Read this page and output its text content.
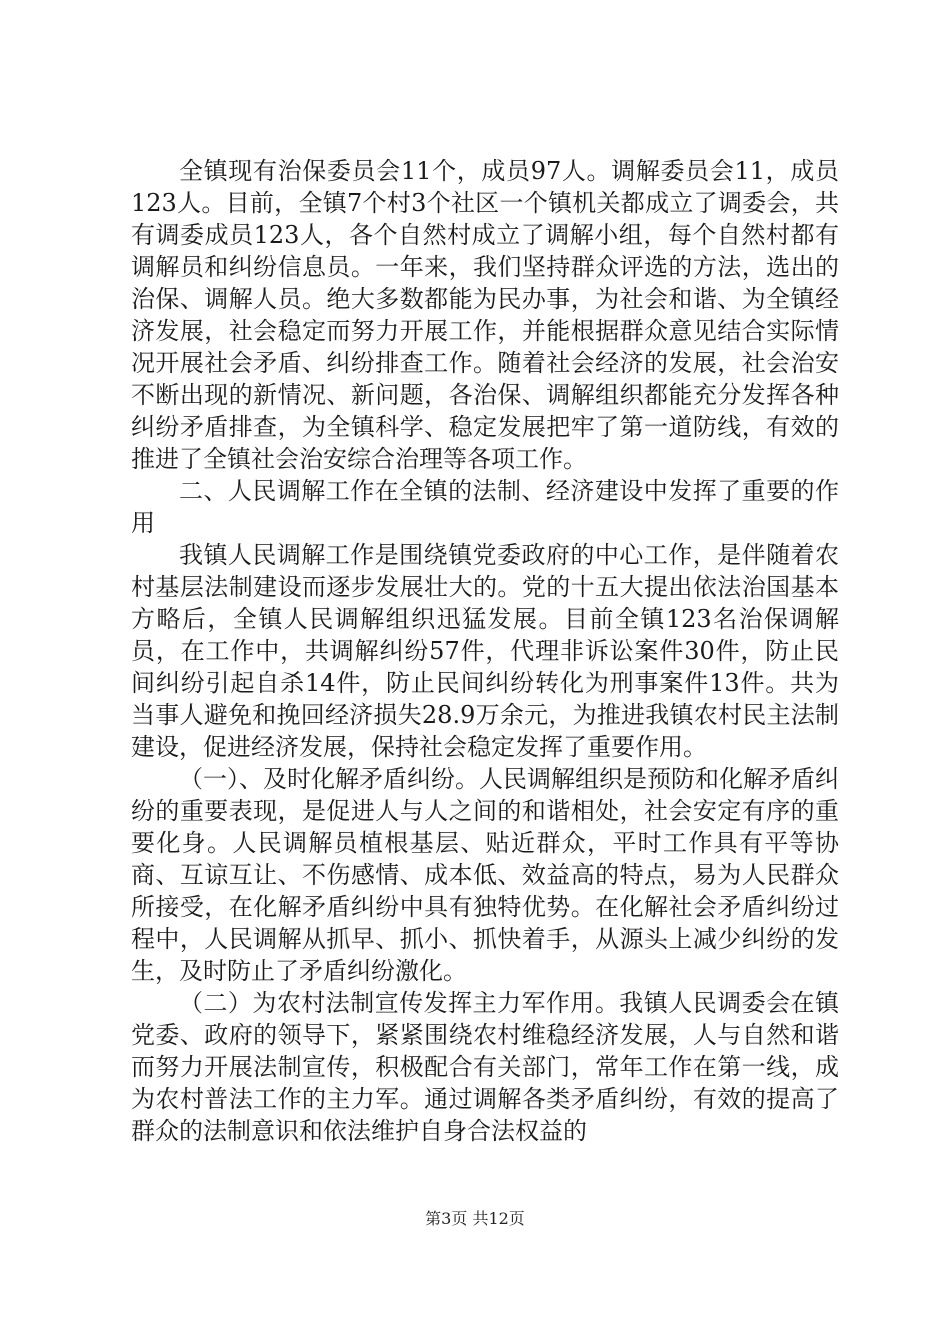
全镇现有治保委员会11个，成员97人。调解委员会11，成员123人。目前，全镇7个村3个社区一个镇机关都成立了调委会，共有调委成员123人，各个自然村成立了调解小组，每个自然村都有调解员和纠纷信息员。一年来，我们坚持群众评选的方法，选出的治保、调解人员。绝大多数都能为民办事，为社会和谐、为全镇经济发展，社会稳定而努力开展工作，并能根据群众意见结合实际情况开展社会矛盾、纠纷排查工作。随着社会经济的发展，社会治安不断出现的新情况、新问题，各治保、调解组织都能充分发挥各种纠纷矛盾排查，为全镇科学、稳定发展把牢了第一道防线，有效的推进了全镇社会治安综合治理等各项工作。

二、人民调解工作在全镇的法制、经济建设中发挥了重要的作用

我镇人民调解工作是围绕镇党委政府的中心工作，是伴随着农村基层法制建设而逐步发展壮大的。党的十五大提出依法治国基本方略后，全镇人民调解组织迅猛发展。目前全镇123名治保调解员，在工作中，共调解纠纷57件，代理非诉讼案件30件，防止民间纠纷引起自杀14件，防止民间纠纷转化为刑事案件13件。共为当事人避免和挽回经济损失28.9万余元，为推进我镇农村民主法制建设，促进经济发展，保持社会稳定发挥了重要作用。

（一）、及时化解矛盾纠纷。人民调解组织是预防和化解矛盾纠纷的重要表现，是促进人与人之间的和谐相处，社会安定有序的重要化身。人民调解员植根基层、贴近群众，平时工作具有平等协商、互谅互让、不伤感情、成本低、效益高的特点，易为人民群众所接受，在化解矛盾纠纷中具有独特优势。在化解社会矛盾纠纷过程中，人民调解从抓早、抓小、抓快着手，从源头上减少纠纷的发生，及时防止了矛盾纠纷激化。

（二）为农村法制宣传发挥主力军作用。我镇人民调委会在镇党委、政府的领导下，紧紧围绕农村维稳经济发展，人与自然和谐而努力开展法制宣传，积极配合有关部门，常年工作在第一线，成为农村普法工作的主力军。通过调解各类矛盾纠纷，有效的提高了群众的法制意识和依法维护自身合法权益的

第3页 共12页
